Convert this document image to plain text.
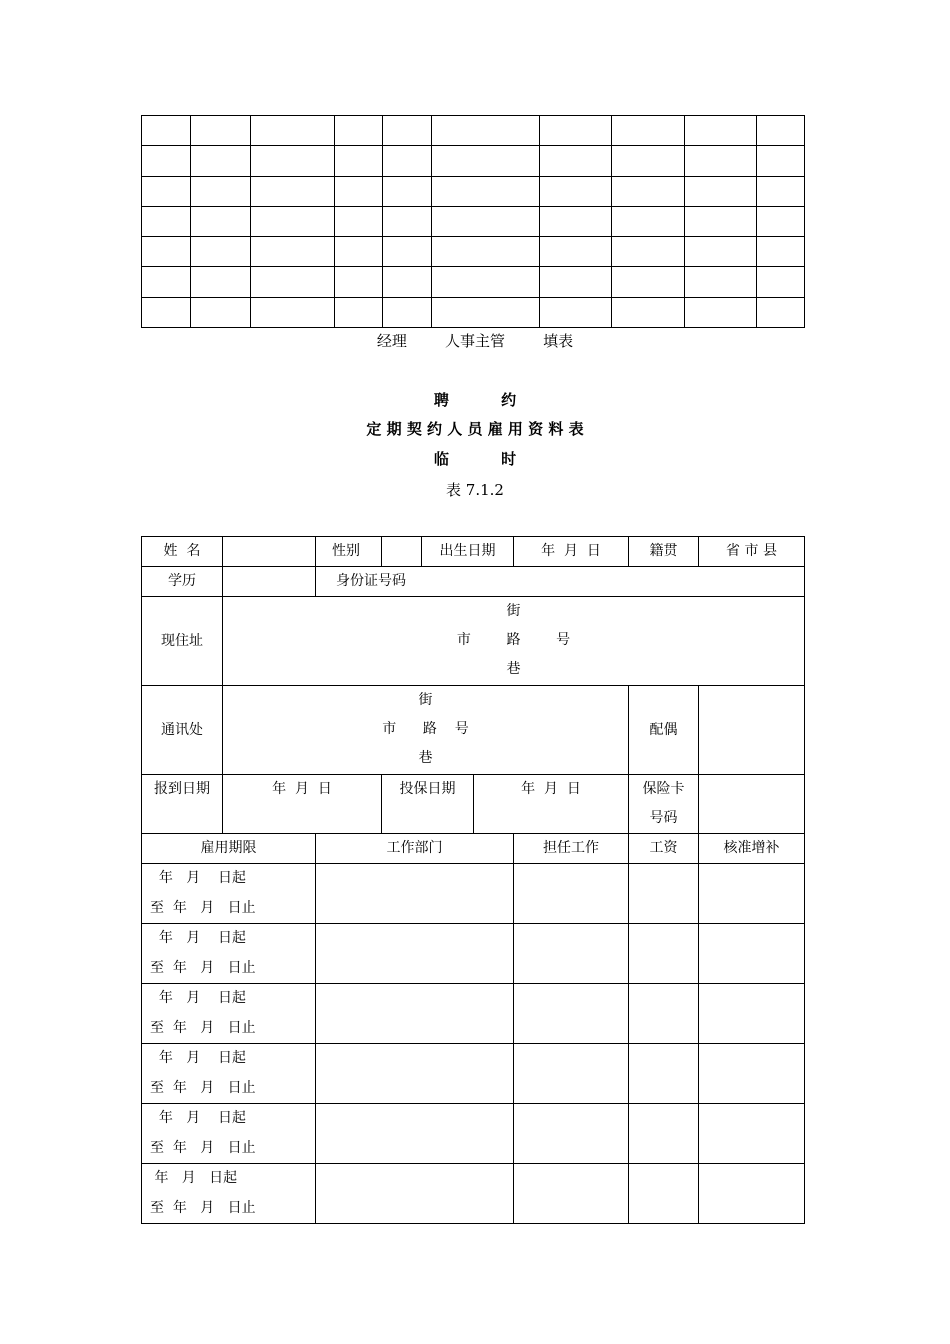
经理        人事主管        填表
聘          约
定 期 契 约 人 员 雇 用 资 料 表
临          时
表 7.1.2
姓  名		性别		出生日期		年  月  日	籍贯	省 市 县
学历		身份证号码						
现住址	街
市        路        号
巷							

通讯处	街
市      路    号
巷						配偶	
报到日期	年  月  日		投保日期		年  月  日		保险卡
号码	

雇用期限		工作部门				担任工作	工资	核准增补

年   月    日起
至  年   月   日止								

年   月    日起
至  年   月   日止								

年   月    日起
至  年   月   日止								

年   月    日起
至  年   月   日止								

年   月    日起
至  年   月   日止								

年   月   日起
至  年   月   日止								
